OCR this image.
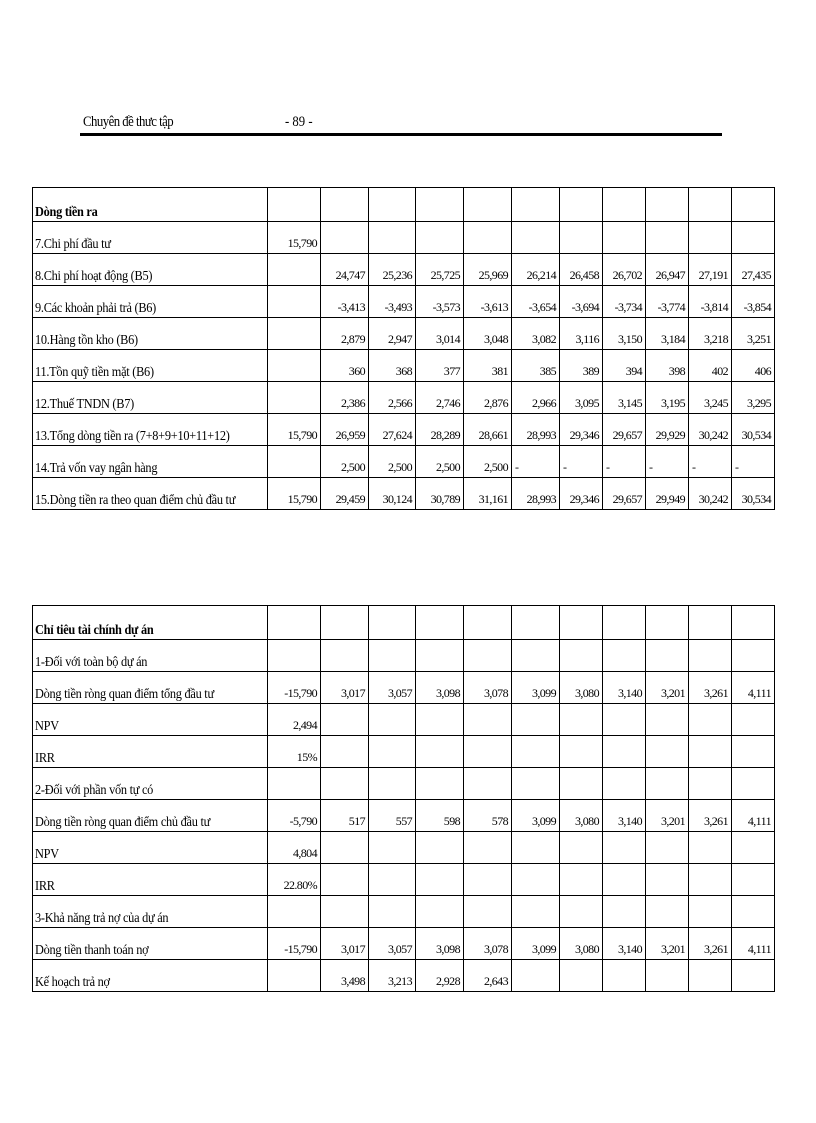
Chuyên đề thưc tập	- 89 -
Dòng tiền ra											
7.Chi phí đầu tư	15,790										
8.Chi phí hoạt động (B5)		24,747	25,236	25,725	25,969	26,214	26,458	26,702	26,947	27,191	27,435
9.Các khoản phải trả (B6)		-3,413	-3,493	-3,573	-3,613	-3,654	-3,694	-3,734	-3,774	-3,814	-3,854
10.Hàng tồn kho (B6)		2,879	2,947	3,014	3,048	3,082	3,116	3,150	3,184	3,218	3,251
11.Tồn quỹ tiền mặt (B6)		360	368	377	381	385	389	394	398	402	406
12.Thuế TNDN (B7)		2,386	2,566	2,746	2,876	2,966	3,095	3,145	3,195	3,245	3,295
13.Tổng dòng tiền ra (7+8+9+10+11+12)	15,790	26,959	27,624	28,289	28,661	28,993	29,346	29,657	29,929	30,242	30,534
14.Trả vốn vay ngân hàng		2,500	2,500	2,500	2,500	-	-	-	-	-	-
15.Dòng tiền ra theo quan điểm chủ đầu tư	15,790	29,459	30,124	30,789	31,161	28,993	29,346	29,657	29,949	30,242	30,534
Chỉ tiêu tài chính dự án											
1-Đối với toàn bộ dự án											
Dòng tiền ròng quan điểm tổng đầu tư	-15,790	3,017	3,057	3,098	3,078	3,099	3,080	3,140	3,201	3,261	4,111
NPV	2,494										
IRR	15%										
2-Đối với phần vốn tự có											
Dòng tiền ròng quan điểm chủ đầu tư	-5,790	517	557	598	578	3,099	3,080	3,140	3,201	3,261	4,111
NPV	4,804										
IRR	22.80%										
3-Khả năng trả nợ của dự án											
Dòng tiền thanh toán nợ	-15,790	3,017	3,057	3,098	3,078	3,099	3,080	3,140	3,201	3,261	4,111
Kế hoạch trả nợ		3,498	3,213	2,928	2,643						
